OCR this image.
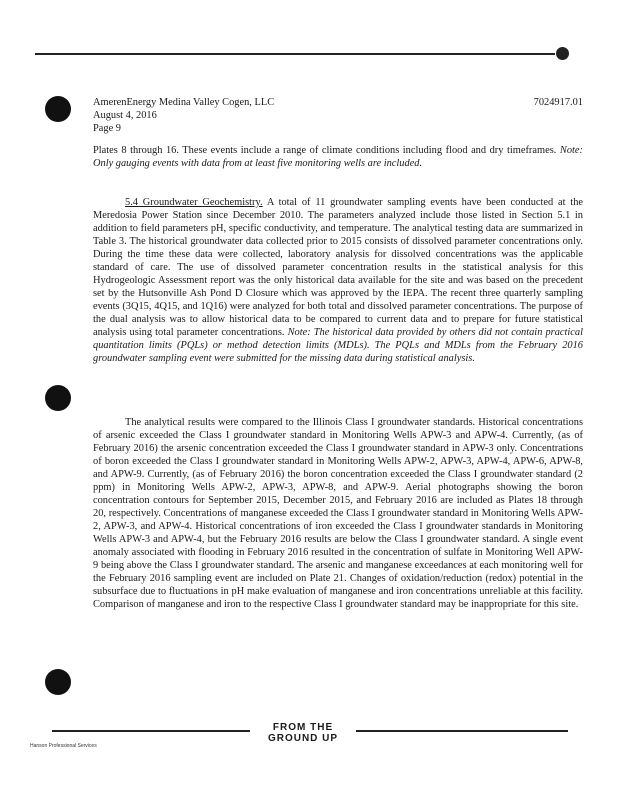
AmerenEnergy Medina Valley Cogen, LLC	7024917.01
August 4, 2016
Page 9
Plates 8 through 16. These events include a range of climate conditions including flood and dry timeframes. Note: Only gauging events with data from at least five monitoring wells are included.
5.4 Groundwater Geochemistry. A total of 11 groundwater sampling events have been conducted at the Meredosia Power Station since December 2010. The parameters analyzed include those listed in Section 5.1 in addition to field parameters pH, specific conductivity, and temperature. The analytical testing data are summarized in Table 3. The historical groundwater data collected prior to 2015 consists of dissolved parameter concentrations only. During the time these data were collected, laboratory analysis for dissolved concentrations was the applicable standard of care. The use of dissolved parameter concentration results in the statistical analysis for this Hydrogeologic Assessment report was the only historical data available for the site and was based on the precedent set by the Hutsonville Ash Pond D Closure which was approved by the IEPA. The recent three quarterly sampling events (3Q15, 4Q15, and 1Q16) were analyzed for both total and dissolved parameter concentrations. The purpose of the dual analysis was to allow historical data to be compared to current data and to prepare for future statistical analysis using total parameter concentrations. Note: The historical data provided by others did not contain practical quantitation limits (PQLs) or method detection limits (MDLs). The PQLs and MDLs from the February 2016 groundwater sampling event were submitted for the missing data during statistical analysis.
The analytical results were compared to the Illinois Class I groundwater standards. Historical concentrations of arsenic exceeded the Class I groundwater standard in Monitoring Wells APW-3 and APW-4. Currently, (as of February 2016) the arsenic concentration exceeded the Class I groundwater standard in APW-3 only. Concentrations of boron exceeded the Class I groundwater standard in Monitoring Wells APW-2, APW-3, APW-4, APW-6, APW-8, and APW-9. Currently, (as of February 2016) the boron concentration exceeded the Class I groundwater standard (2 ppm) in Monitoring Wells APW-2, APW-3, APW-8, and APW-9. Aerial photographs showing the boron concentration contours for September 2015, December 2015, and February 2016 are included as Plates 18 through 20, respectively. Concentrations of manganese exceeded the Class I groundwater standard in Monitoring Wells APW-2, APW-3, and APW-4. Historical concentrations of iron exceeded the Class I groundwater standards in Monitoring Wells APW-3 and APW-4, but the February 2016 results are below the Class I groundwater standard. A single event anomaly associated with flooding in February 2016 resulted in the concentration of sulfate in Monitoring Well APW-9 being above the Class I groundwater standard. The arsenic and manganese exceedances at each monitoring well for the February 2016 sampling event are included on Plate 21. Changes of oxidation/reduction (redox) potential in the subsurface due to fluctuations in pH make evaluation of manganese and iron concentrations unreliable at this facility. Comparison of manganese and iron to the respective Class I groundwater standard may be inappropriate for this site.
FROM THE GROUND UP
Hanson Professional Services
